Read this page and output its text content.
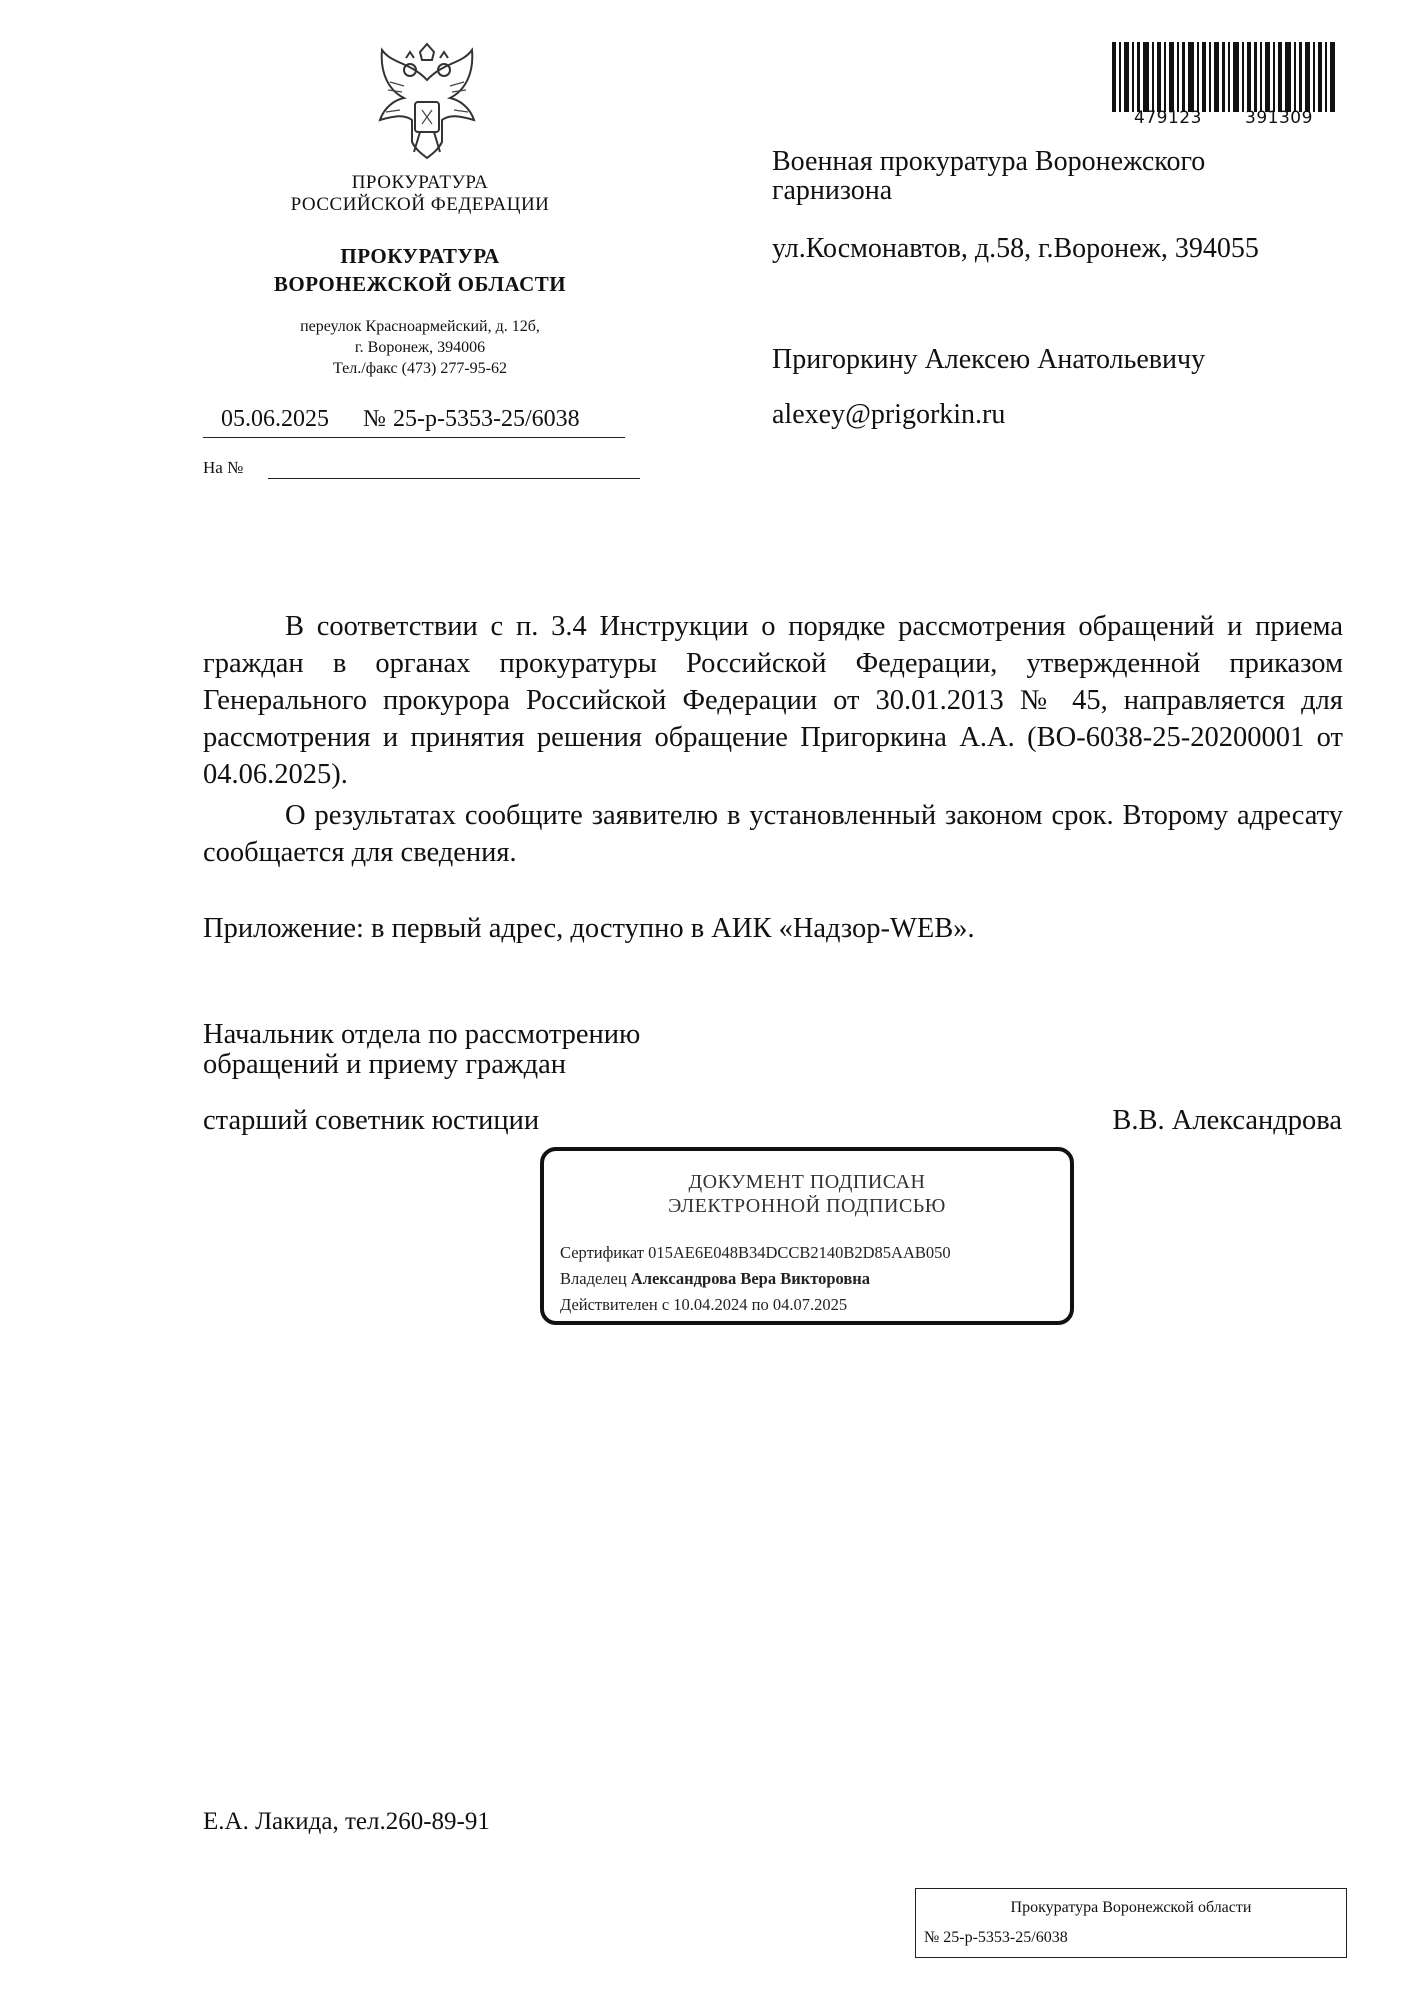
ПРОКУРАТУРА
РОССИЙСКОЙ ФЕДЕРАЦИИ
ПРОКУРАТУРА
ВОРОНЕЖСКОЙ ОБЛАСТИ
переулок Красноармейский, д. 12б,
г. Воронеж, 394006
Тел./факс (473) 277-95-62
05.06.2025 № 25-р-5353-25/6038
На №
479123	391309
Военная прокуратура Воронежского гарнизона
ул.Космонавтов, д.58, г.Воронеж, 394055
Пригоркину Алексею Анатольевичу
alexey@prigorkin.ru
В соответствии с п. 3.4 Инструкции о порядке рассмотрения обращений и приема граждан в органах прокуратуры Российской Федерации, утвержденной приказом Генерального прокурора Российской Федерации от 30.01.2013 № 45, направляется для рассмотрения и принятия решения обращение Пригоркина А.А. (ВО-6038-25-20200001 от 04.06.2025).
О результатах сообщите заявителю в установленный законом срок. Второму адресату сообщается для сведения.
Приложение: в первый адрес, доступно в АИК «Надзор-WEB».
Начальник отдела по рассмотрению
обращений и приему граждан
старший советник юстиции	В.В. Александрова
ДОКУМЕНТ ПОДПИСАН
ЭЛЕКТРОННОЙ ПОДПИСЬЮ
Сертификат 015AE6E048B34DCCB2140B2D85AAB050
Владелец Александрова Вера Викторовна
Действителен с 10.04.2024 по 04.07.2025
Е.А. Лакида, тел.260-89-91
Прокуратура Воронежской области
№ 25-р-5353-25/6038
